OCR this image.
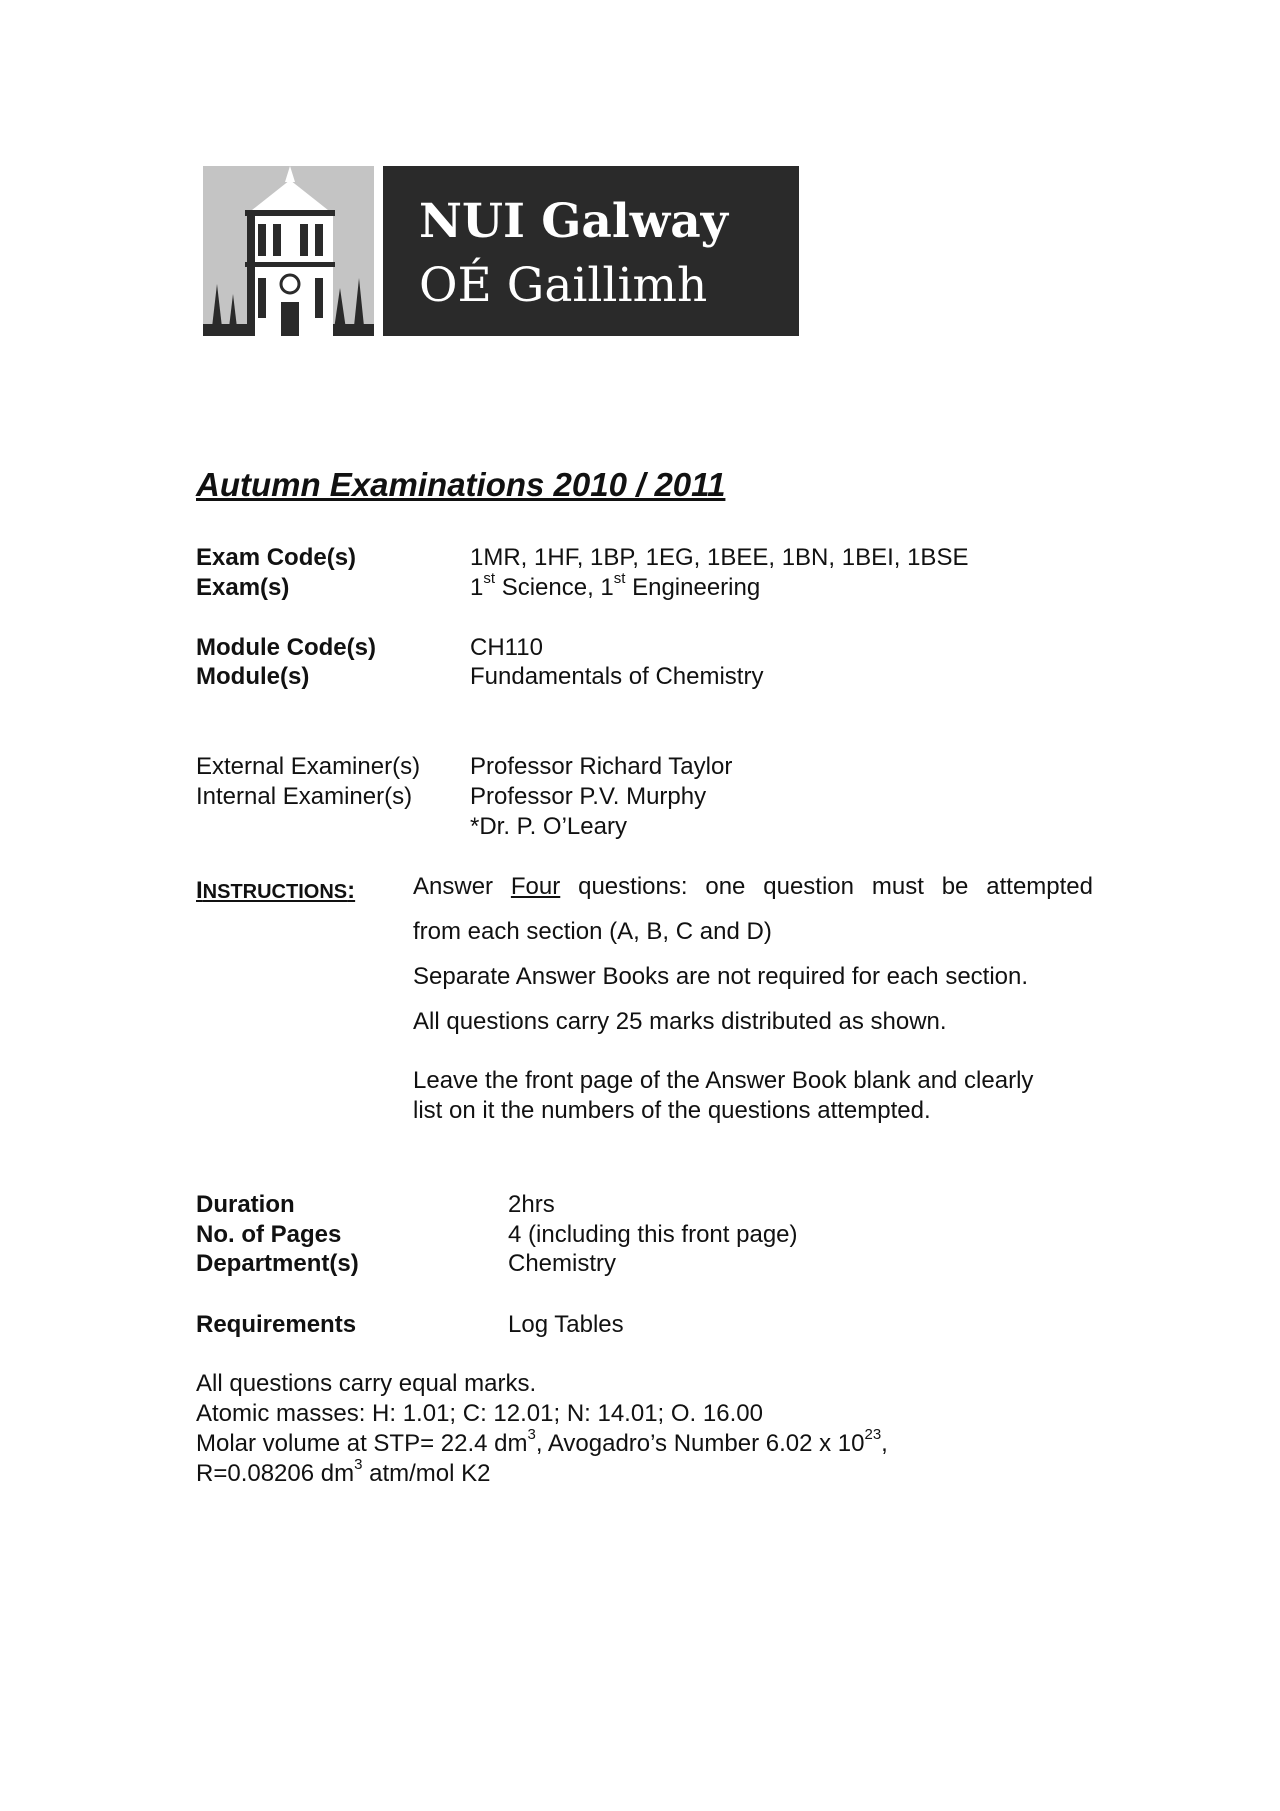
NUI Galway
OÉ Gaillimh
Autumn Examinations 2010 / 2011
Exam Code(s)	1MR, 1HF, 1BP, 1EG, 1BEE, 1BN, 1BEI, 1BSE
Exam(s)	1st Science, 1st Engineering
Module Code(s)	CH110
Module(s)	Fundamentals of Chemistry
External Examiner(s) Professor Richard Taylor
Internal Examiner(s) Professor P.V. Murphy
*Dr. P. O’Leary
INSTRUCTIONS: Answer Four questions: one question must be attempted
from each section (A, B, C and D)
Separate Answer Books are not required for each section.
All questions carry 25 marks distributed as shown.
Leave the front page of the Answer Book blank and clearly
list on it the numbers of the questions attempted.
Duration	2hrs
No. of Pages	4 (including this front page)
Department(s)	Chemistry
Requirements	Log Tables
All questions carry equal marks.
Atomic masses: H: 1.01; C: 12.01; N: 14.01; O. 16.00
Molar volume at STP= 22.4 $dm^3$, Avogadro’s Number 6.02 x $10^{23}$,
R=0.08206 $dm^3$ atm/mol K2
